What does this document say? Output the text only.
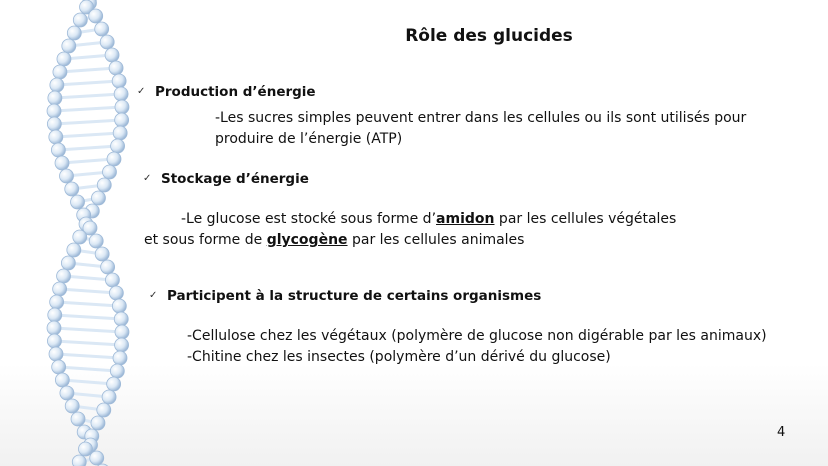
Rôle des glucides
✓ Production d’énergie
-Les sucres simples peuvent entrer dans les cellules ou ils sont utilisés pour
produire de l’énergie (ATP)
✓ Stockage d’énergie
-Le glucose est stocké sous forme d’amidon par les cellules végétales
et sous forme de glycogène par les cellules animales
✓ Participent à la structure de certains organismes
-Cellulose chez les végétaux (polymère de glucose non digérable par les animaux)
-Chitine chez les insectes (polymère d’un dérivé du glucose)
4
